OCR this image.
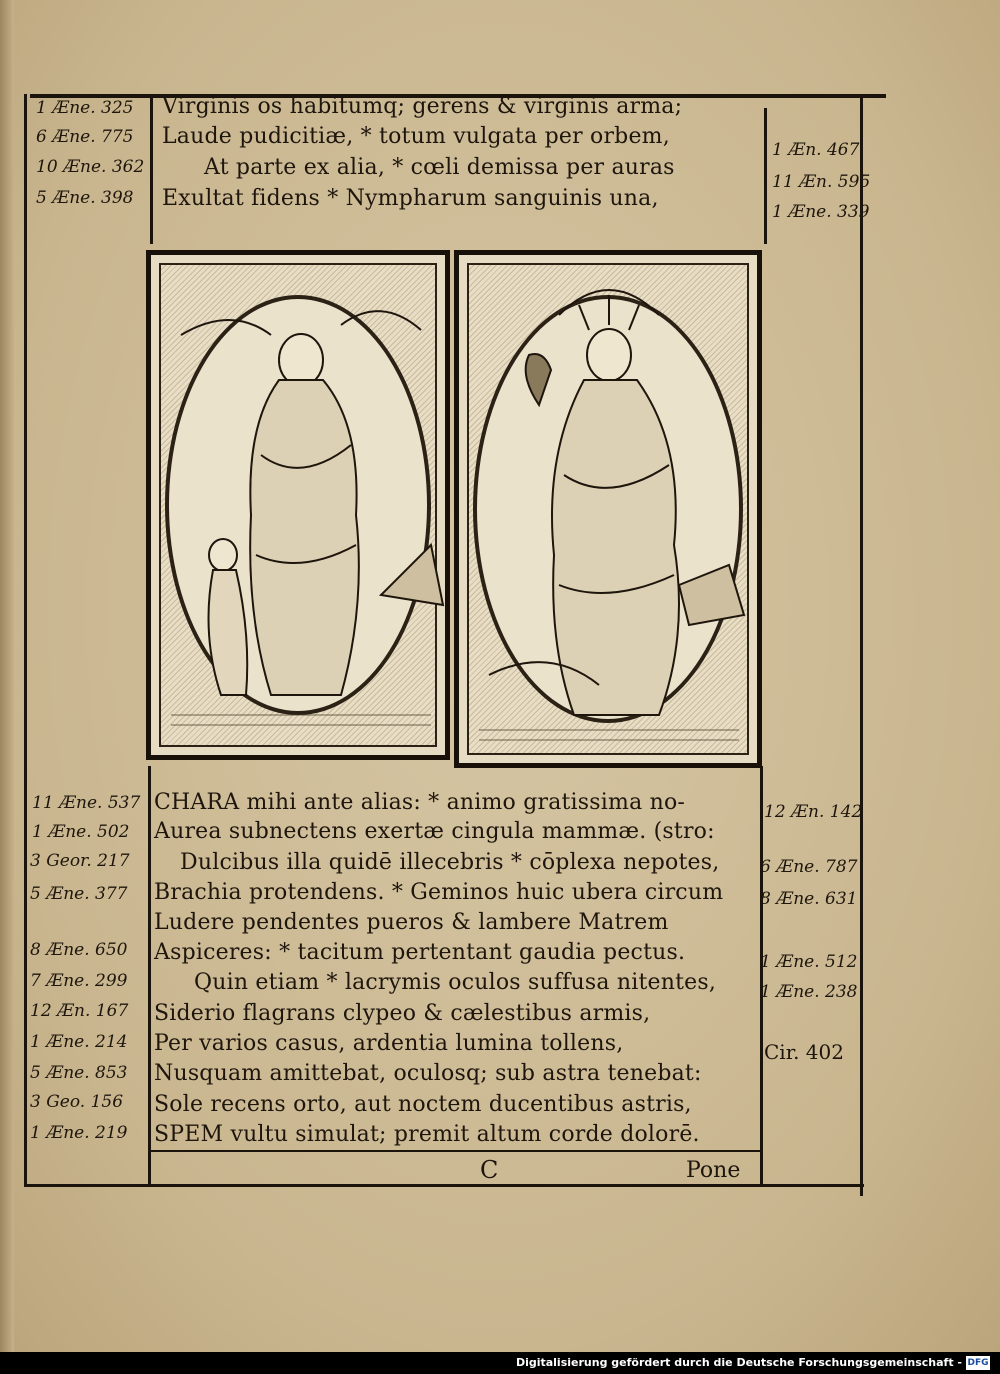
1 Æne. 325
6 Æne. 775
10 Æne. 362
5 Æne. 398
Virginis os habitumq; gerens & virginis arma;
Laude pudicitiæ, * totum vulgata per orbem,
At parte ex alia, * cœli demissa per auras
Exultat fidens * Nympharum sanguinis una,
1 Æn. 467
11 Æn. 595
1 Æne. 339
11 Æne. 537
1 Æne. 502
3 Geor. 217
5 Æne. 377
8 Æne. 650
7 Æne. 299
12 Æn. 167
1 Æne. 214
5 Æne. 853
3 Geo. 156
1 Æne. 219
CHARA mihi ante alias: * animo gratissima no-
Aurea subnectens exertæ cingula mammæ. (stro:
Dulcibus illa quidē illecebris * cōplexa nepotes,
Brachia protendens. * Geminos huic ubera circum
Ludere pendentes pueros & lambere Matrem
Aspiceres: * tacitum pertentant gaudia pectus.
Quin etiam * lacrymis oculos suffusa nitentes,
Siderio flagrans clypeo & cælestibus armis,
Per varios casus, ardentia lumina tollens,
Nusquam amittebat, oculosq; sub astra tenebat:
Sole recens orto, aut noctem ducentibus astris,
SPEM vultu simulat; premit altum corde dolorē.
12 Æn. 142
6 Æne. 787
8 Æne. 631
1 Æne. 512
1 Æne. 238
Cir. 402
C	Pone
Digitalisierung gefördert durch die Deutsche Forschungsgemeinschaft - DFG
